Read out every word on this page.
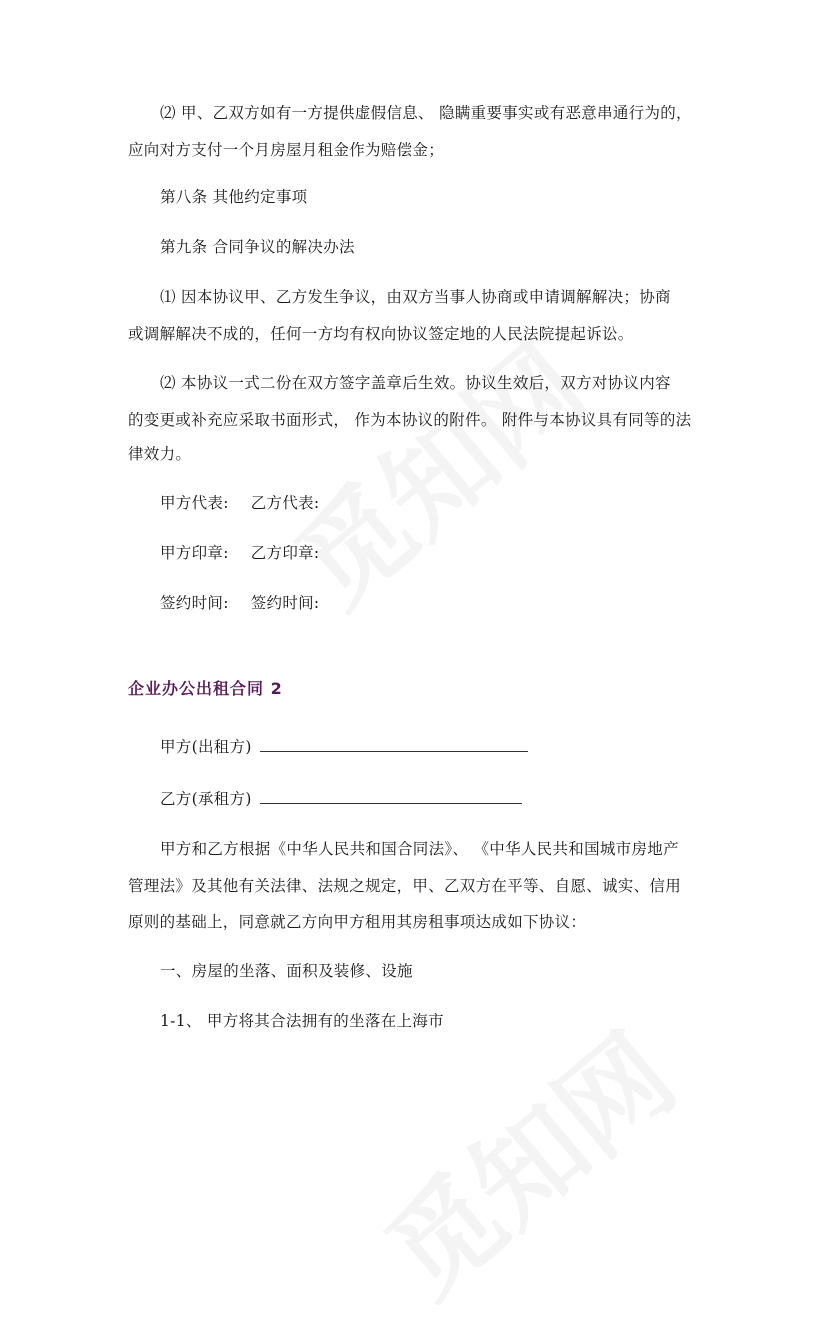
⑵ 甲、乙双方如有一方提供虚假信息、 隐瞒重要事实或有恶意串通行为的，
应向对方支付一个月房屋月租金作为赔偿金；
第八条 其他约定事项
第九条 合同争议的解决办法
⑴ 因本协议甲、乙方发生争议，由双方当事人协商或申请调解解决；协商
或调解解决不成的，任何一方均有权向协议签定地的人民法院提起诉讼。
⑵ 本协议一式二份在双方签字盖章后生效。协议生效后，双方对协议内容
的变更或补充应采取书面形式， 作为本协议的附件。 附件与本协议具有同等的法
律效力。
甲方代表: 乙方代表:
甲方印章: 乙方印章:
签约时间: 签约时间:
企业办公出租合同 2
甲方(出租方)
乙方(承租方)
甲方和乙方根据《中华人民共和国合同法》、 《中华人民共和国城市房地产
管理法》及其他有关法律、法规之规定，甲、乙双方在平等、自愿、诚实、信用
原则的基础上，同意就乙方向甲方租用其房租事项达成如下协议：
一、房屋的坐落、面积及装修、设施
1-1、 甲方将其合法拥有的坐落在上海市
